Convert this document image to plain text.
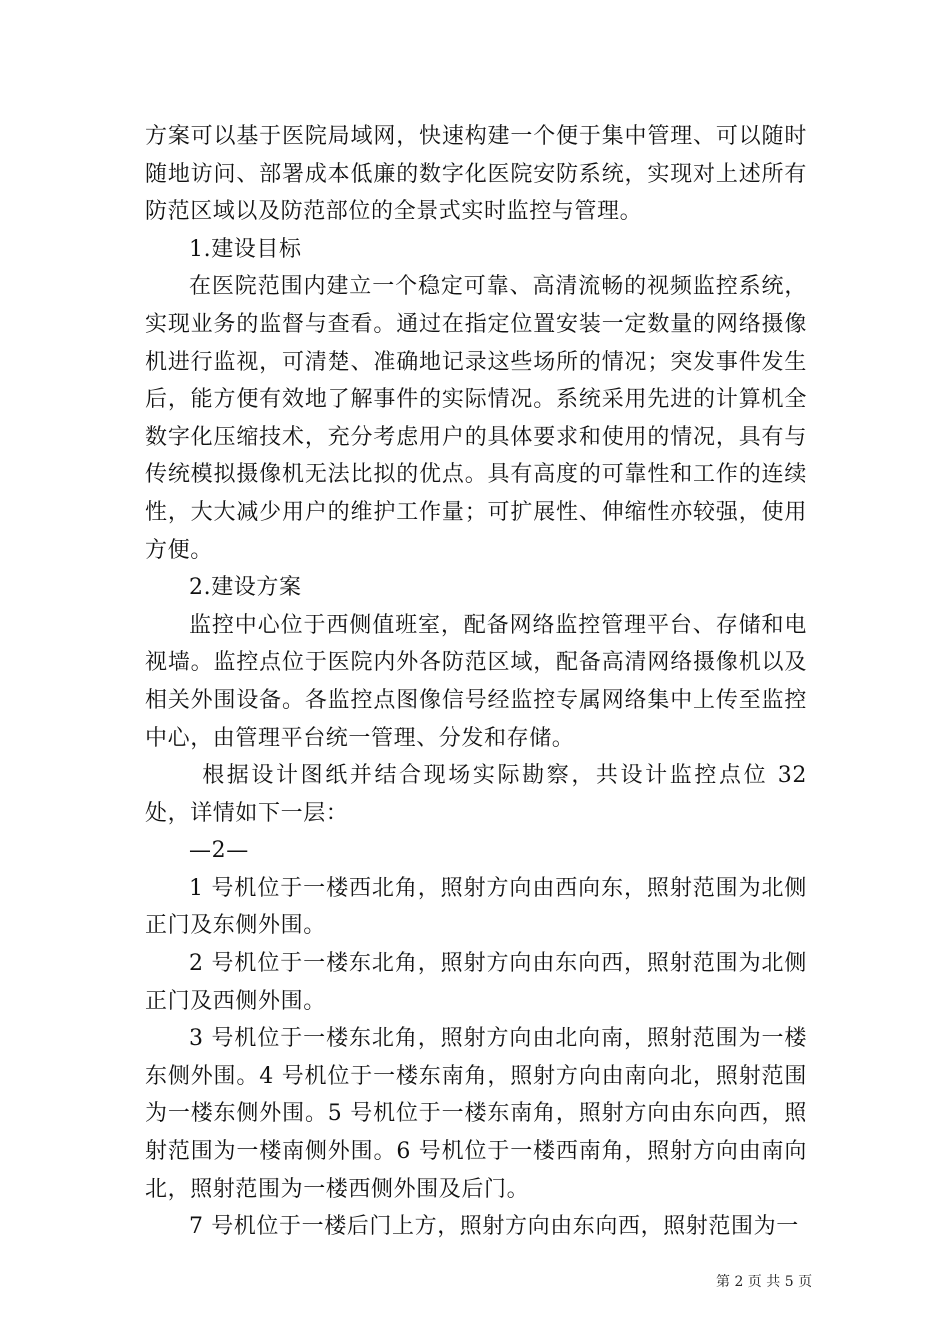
方案可以基于医院局域网，快速构建一个便于集中管理、可以随时随地访问、部署成本低廉的数字化医院安防系统，实现对上述所有防范区域以及防范部位的全景式实时监控与管理。

1.建设目标

在医院范围内建立一个稳定可靠、高清流畅的视频监控系统，实现业务的监督与查看。通过在指定位置安装一定数量的网络摄像机进行监视，可清楚、准确地记录这些场所的情况；突发事件发生后，能方便有效地了解事件的实际情况。系统采用先进的计算机全数字化压缩技术，充分考虑用户的具体要求和使用的情况，具有与传统模拟摄像机无法比拟的优点。具有高度的可靠性和工作的连续性，大大减少用户的维护工作量；可扩展性、伸缩性亦较强，使用方便。

2.建设方案

监控中心位于西侧值班室，配备网络监控管理平台、存储和电视墙。监控点位于医院内外各防范区域，配备高清网络摄像机以及相关外围设备。各监控点图像信号经监控专属网络集中上传至监控中心，由管理平台统一管理、分发和存储。

根据设计图纸并结合现场实际勘察，共设计监控点位 32 处，详情如下一层：

—2—

1 号机位于一楼西北角，照射方向由西向东，照射范围为北侧正门及东侧外围。

2 号机位于一楼东北角，照射方向由东向西，照射范围为北侧正门及西侧外围。

3 号机位于一楼东北角，照射方向由北向南，照射范围为一楼东侧外围。4 号机位于一楼东南角，照射方向由南向北，照射范围为一楼东侧外围。5 号机位于一楼东南角，照射方向由东向西，照射范围为一楼南侧外围。6 号机位于一楼西南角，照射方向由南向北，照射范围为一楼西侧外围及后门。

7 号机位于一楼后门上方，照射方向由东向西，照射范围为一

第 2 页 共 5 页
